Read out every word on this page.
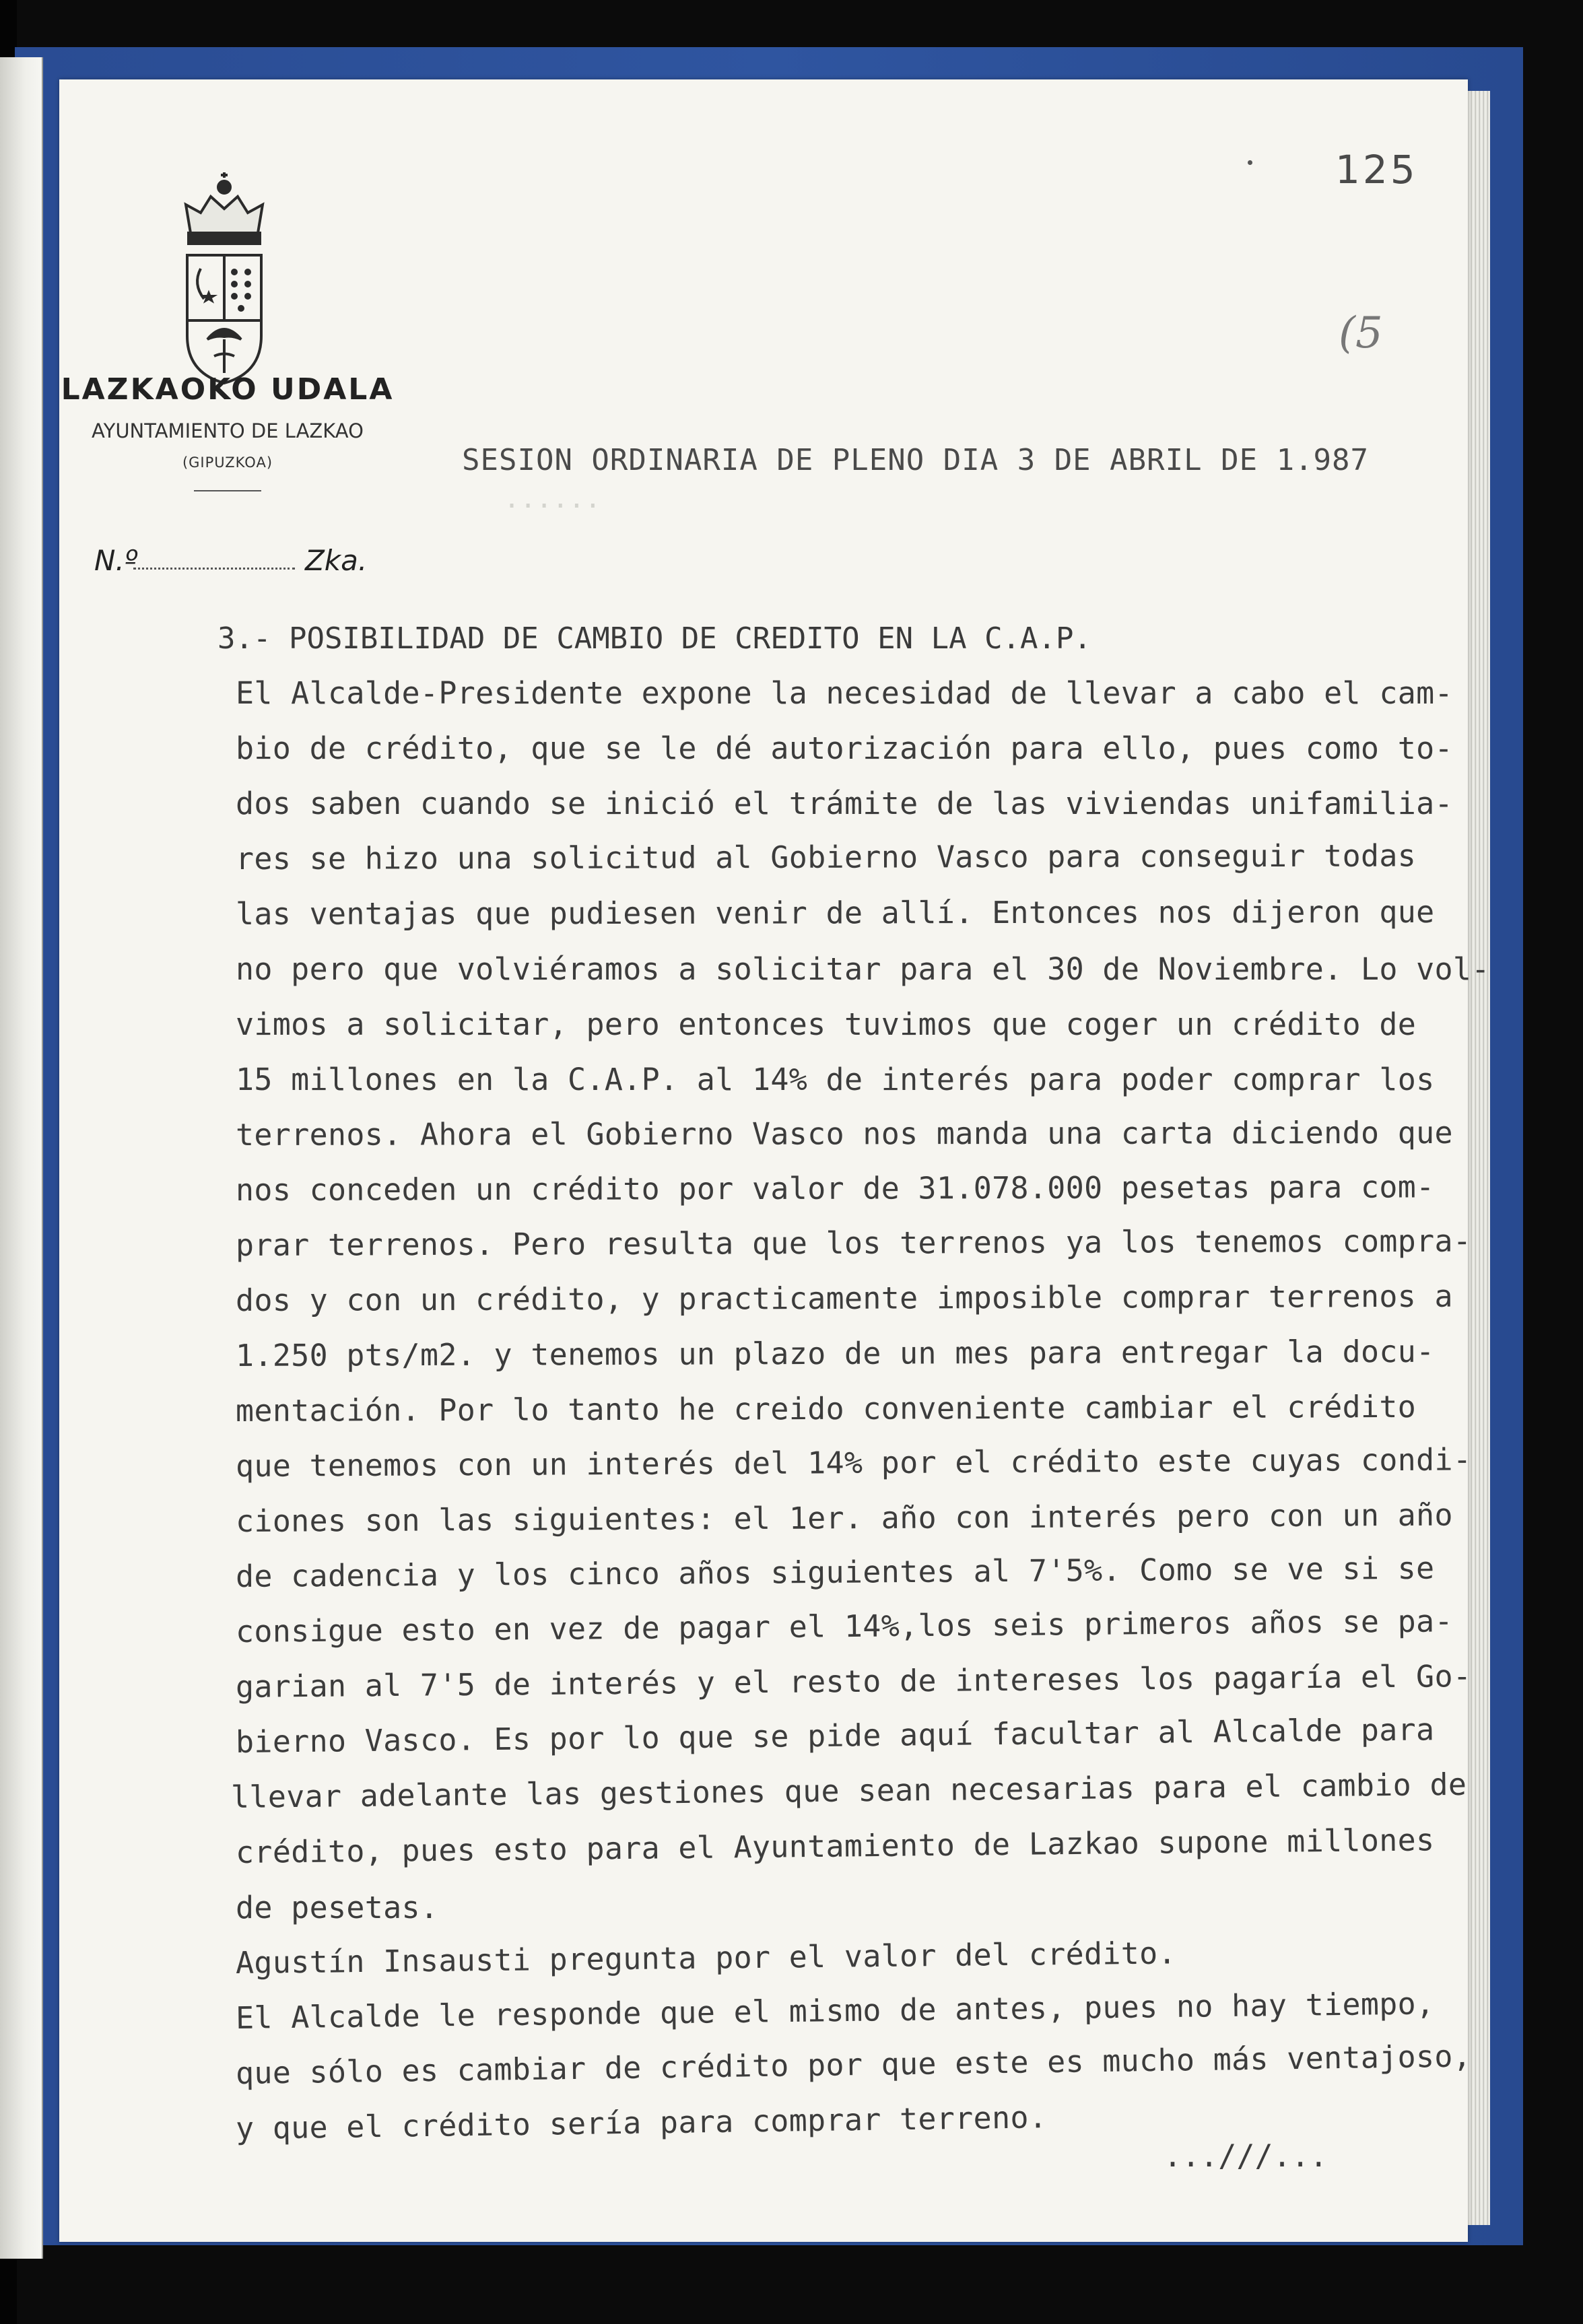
125
(5
LAZKAOKO UDALA
AYUNTAMIENTO DE LAZKAO
(GIPUZKOA)
N.º	Zka.
SESION ORDINARIA DE PLENO DIA 3 DE ABRIL DE 1.987
......
3.- POSIBILIDAD DE CAMBIO DE CREDITO EN LA C.A.P.
El Alcalde-Presidente expone la necesidad de llevar a cabo el cam-
bio de crédito, que se le dé autorización para ello, pues como to-
dos saben cuando se inició el trámite de las viviendas unifamilia-
res se hizo una solicitud al Gobierno Vasco para conseguir todas
las ventajas que pudiesen venir de allí. Entonces nos dijeron que
no pero que volviéramos a solicitar para el 30 de Noviembre. Lo vol-
vimos a solicitar, pero entonces tuvimos que coger un crédito de
15 millones en la C.A.P. al 14% de interés para poder comprar los
terrenos. Ahora el Gobierno Vasco nos manda una carta diciendo que
nos conceden un crédito por valor de 31.078.000 pesetas para com-
prar terrenos. Pero resulta que los terrenos ya los tenemos compra-
dos y con un crédito, y practicamente imposible comprar terrenos a
1.250 pts/m2. y tenemos un plazo de un mes para entregar la docu-
mentación. Por lo tanto he creido conveniente cambiar el crédito
que tenemos con un interés del 14% por el crédito este cuyas condi-
ciones son las siguientes: el 1er. año con interés pero con un año
de cadencia y los cinco años siguientes al 7'5%. Como se ve si se
consigue esto en vez de pagar el 14%,los seis primeros años se pa-
garian al 7'5 de interés y el resto de intereses los pagaría el Go-
bierno Vasco. Es por lo que se pide aquí facultar al Alcalde para
llevar adelante las gestiones que sean necesarias para el cambio de
crédito, pues esto para el Ayuntamiento de Lazkao supone millones
de pesetas.
Agustín Insausti pregunta por el valor del crédito.
El Alcalde le responde que el mismo de antes, pues no hay tiempo,
que sólo es cambiar de crédito por que este es mucho más ventajoso,
y que el crédito sería para comprar terreno.
...///...
